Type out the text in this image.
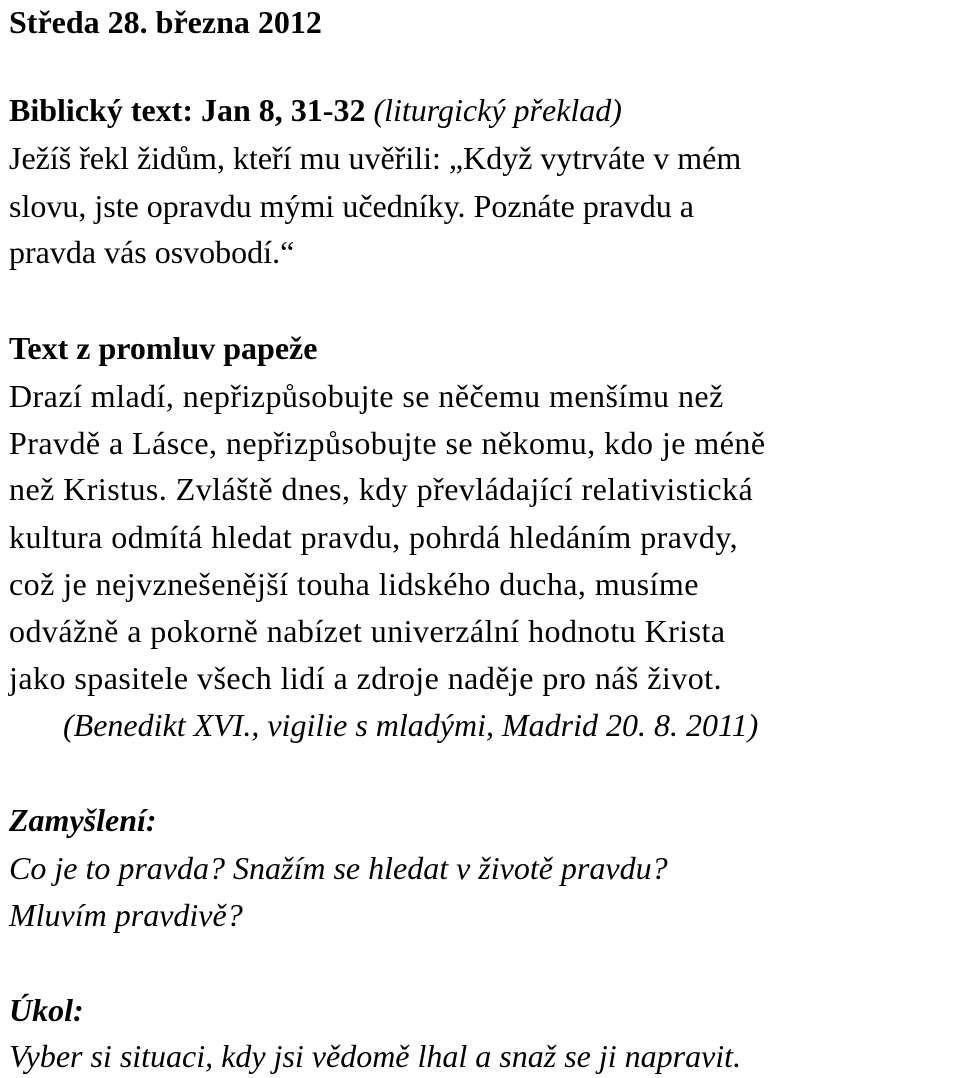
Středa 28. března 2012
Biblický text: Jan 8, 31-32 (liturgický překlad)
Ježíš řekl židům, kteří mu uvěřili: „Když vytrváte v mém
slovu, jste opravdu mými učedníky. Poznáte pravdu a
pravda vás osvobodí.“
Text z promluv papeže
Drazí mladí, nepřizpůsobujte se něčemu menšímu než
Pravdě a Lásce, nepřizpůsobujte se někomu, kdo je méně
než Kristus. Zvláště dnes, kdy převládající relativistická
kultura odmítá hledat pravdu, pohrdá hledáním pravdy,
což je nejvznešenější touha lidského ducha, musíme
odvážně a pokorně nabízet univerzální hodnotu Krista
jako spasitele všech lidí a zdroje naděje pro náš život.
(Benedikt XVI., vigilie s mladými, Madrid 20. 8. 2011)
Zamyšlení:
Co je to pravda? Snažím se hledat v životě pravdu?
Mluvím pravdivě?
Úkol:
Vyber si situaci, kdy jsi vědomě lhal a snaž se ji napravit.
